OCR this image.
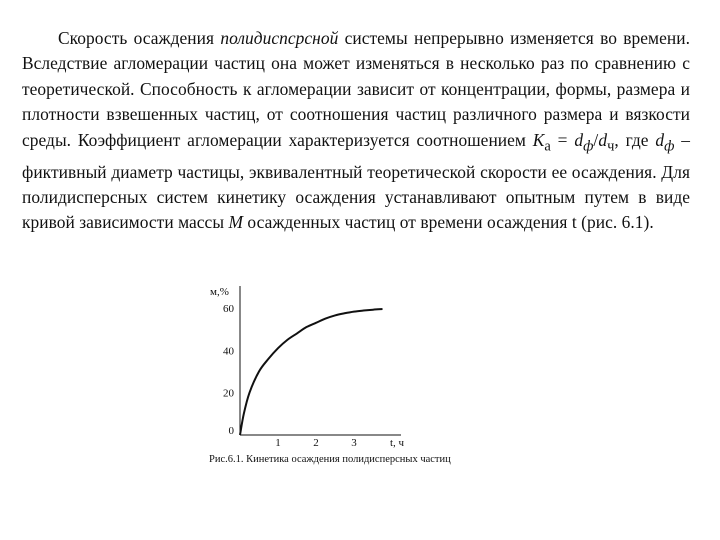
Скорость осаждения полидиспсрсной системы непрерывно изменяется во времени. Вследствие агломерации частиц она может изменяться в несколько раз по сравнению с теоретической. Способность к агломерации зависит от концентрации, формы, размера и плотности взвешенных частиц, от соотношения частиц различного размера и вязкости среды. Коэффициент агломерации характеризуется соотношением $К_а = d_ф/d_ч$, где $d_ф$ – фиктивный диаметр частицы, эквивалентный теоретической скорости ее осаждения. Для полидисперсных систем кинетику осаждения устанавливают опытным путем в виде кривой зависимости массы М осажденных частиц от времени осаждения t (рис. 6.1).

м,%
60
40
20
0
1	2	3	t, ч
Рис.6.1. Кинетика осаждения полидисперсных частиц
